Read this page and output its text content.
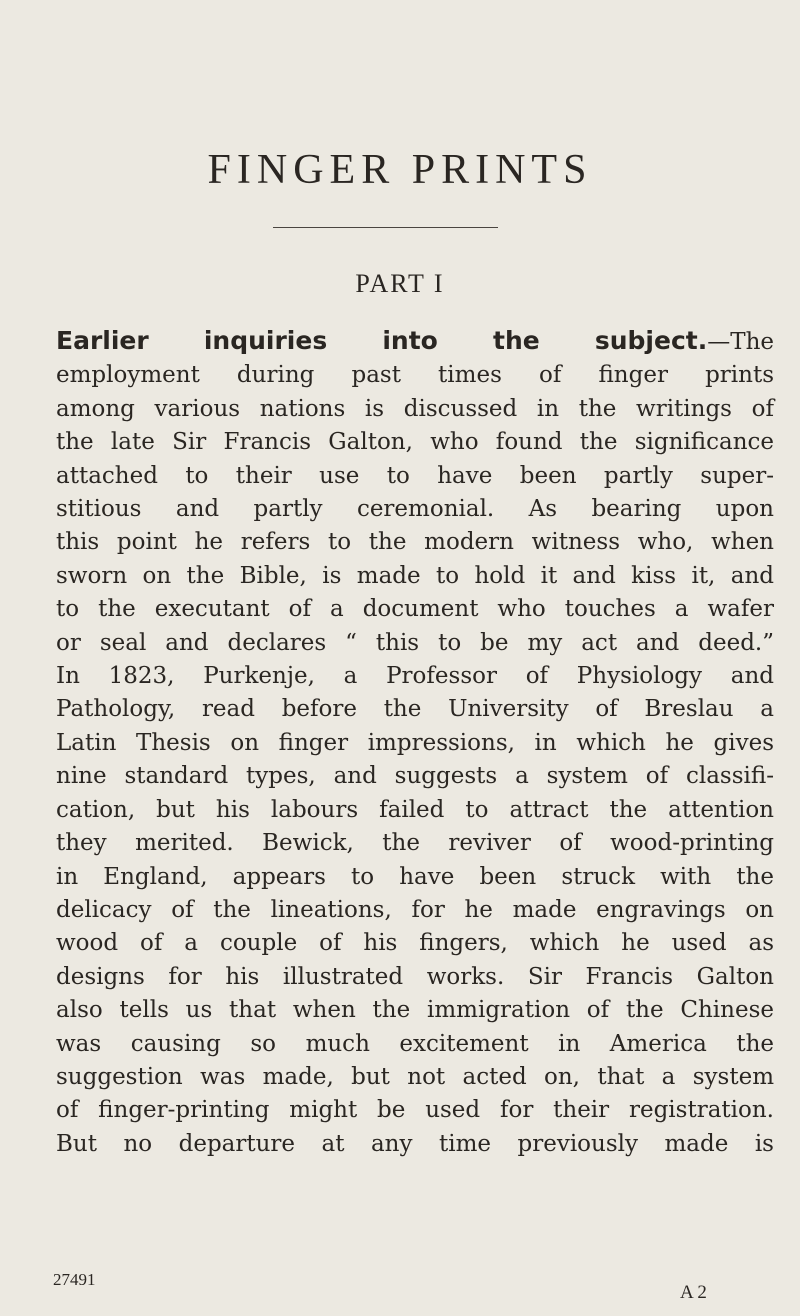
FINGER PRINTS
PART I
Earlier inquiries into the subject.—The
employment during past times of finger prints
among various nations is discussed in the writings of
the late Sir Francis Galton, who found the significance
attached to their use to have been partly super-
stitious and partly ceremonial. As bearing upon
this point he refers to the modern witness who, when
sworn on the Bible, is made to hold it and kiss it, and
to the executant of a document who touches a wafer
or seal and declares “ this to be my act and deed.”
In 1823, Purkenje, a Professor of Physiology and
Pathology, read before the University of Breslau a
Latin Thesis on finger impressions, in which he gives
nine standard types, and suggests a system of classifi-
cation, but his labours failed to attract the attention
they merited. Bewick, the reviver of wood-printing
in England, appears to have been struck with the
delicacy of the lineations, for he made engravings on
wood of a couple of his fingers, which he used as
designs for his illustrated works. Sir Francis Galton
also tells us that when the immigration of the Chinese
was causing so much excitement in America the
suggestion was made, but not acted on, that a system
of finger-printing might be used for their registration.
But no departure at any time previously made is

27491

A 2
